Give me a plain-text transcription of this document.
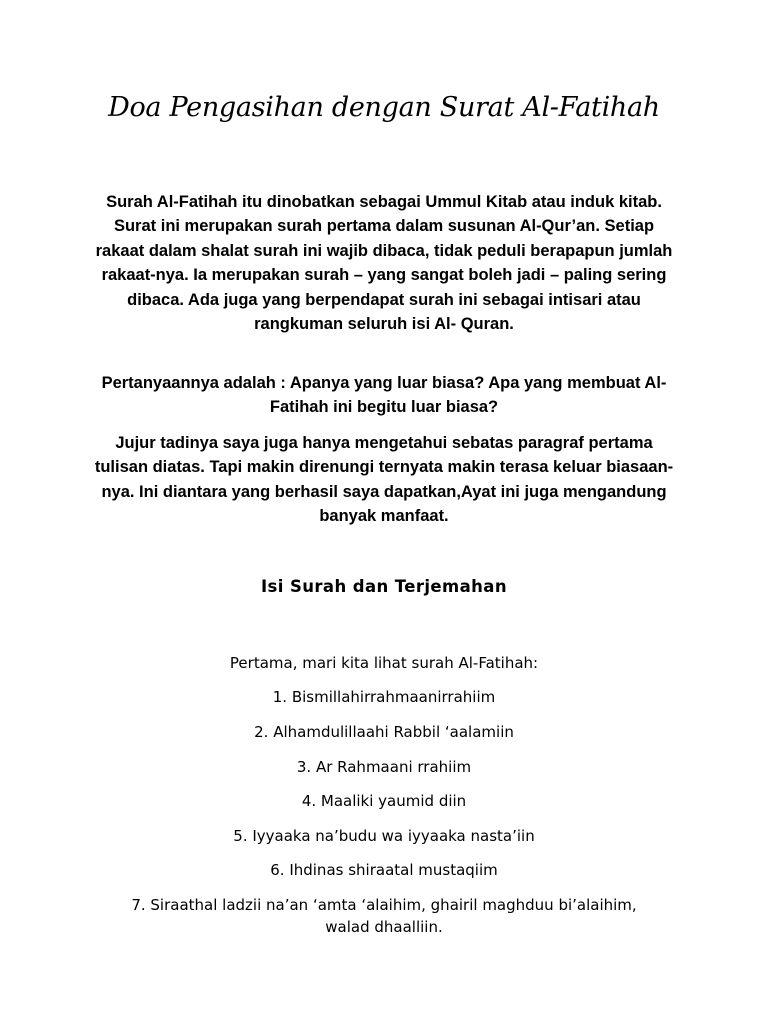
Doa Pengasihan dengan Surat Al-Fatihah
Surah Al-Fatihah itu dinobatkan sebagai Ummul Kitab atau induk kitab. Surat ini merupakan surah pertama dalam susunan Al-Qur’an. Setiap rakaat dalam shalat surah ini wajib dibaca, tidak peduli berapapun jumlah rakaat-nya. Ia merupakan surah – yang sangat boleh jadi – paling sering dibaca. Ada juga yang berpendapat surah ini sebagai intisari atau rangkuman seluruh isi Al- Quran.
Pertanyaannya adalah : Apanya yang luar biasa? Apa yang membuat Al-Fatihah ini begitu luar biasa?
Jujur tadinya saya juga hanya mengetahui sebatas paragraf pertama tulisan diatas. Tapi makin direnungi ternyata makin terasa keluar biasaan-nya. Ini diantara yang berhasil saya dapatkan,Ayat ini juga mengandung banyak manfaat.
Isi Surah dan Terjemahan
Pertama, mari kita lihat surah Al-Fatihah:
1. Bismillahirrahmaanirrahiim
2. Alhamdulillaahi Rabbil ‘aalamiin
3. Ar Rahmaani rrahiim
4. Maaliki yaumid diin
5. Iyyaaka na’budu wa iyyaaka nasta’iin
6. Ihdinas shiraatal mustaqiim
7. Siraathal ladzii na’an ‘amta ‘alaihim, ghairil maghduu bi’alaihim, walad dhaalliin.
